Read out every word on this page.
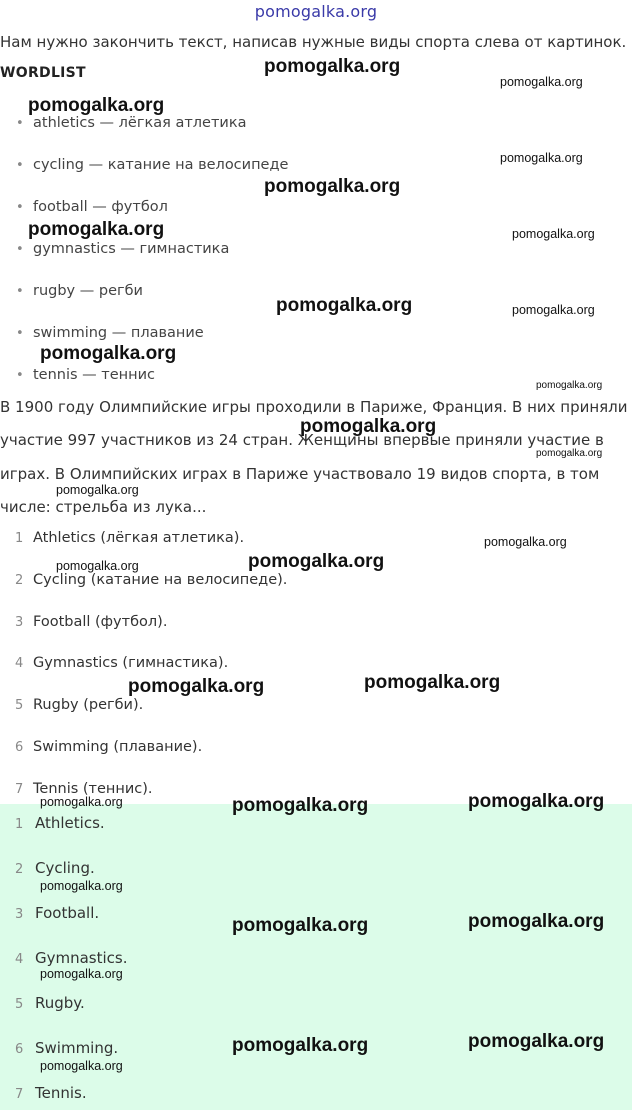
pomogalka.org
Нам нужно закончить текст, написав нужные виды спорта слева от картинок.
WORDLIST
• athletics — лёгкая атлетика
• cycling — катание на велосипеде
• football — футбол
• gymnastics — гимнастика
• rugby — регби
• swimming — плавание
• tennis — теннис
В 1900 году Олимпийские игры проходили в Париже, Франция. В них приняли
участие 997 участников из 24 стран. Женщины впервые приняли участие в
играх. В Олимпийских играх в Париже участвовало 19 видов спорта, в том
числе: стрельба из лука...
1 Athletics (лёгкая атлетика).
2 Cycling (катание на велосипеде).
3 Football (футбол).
4 Gymnastics (гимнастика).
5 Rugby (регби).
6 Swimming (плавание).
7 Tennis (теннис).
1 Athletics.
2 Cycling.
3 Football.
4 Gymnastics.
5 Rugby.
6 Swimming.
7 Tennis.
pomogalka.org
pomogalka.org
pomogalka.org
pomogalka.org
pomogalka.org
pomogalka.org	pomogalka.org
pomogalka.org	pomogalka.org
pomogalka.org
pomogalka.org
pomogalka.org
pomogalka.org
pomogalka.org
pomogalka.org
pomogalka.org
pomogalka.org
pomogalka.org
pomogalka.org
pomogalka.org	pomogalka.org
pomogalka.org
pomogalka.org
pomogalka.org
pomogalka.org
pomogalka.org
pomogalka.org
pomogalka.org
pomogalka.org
